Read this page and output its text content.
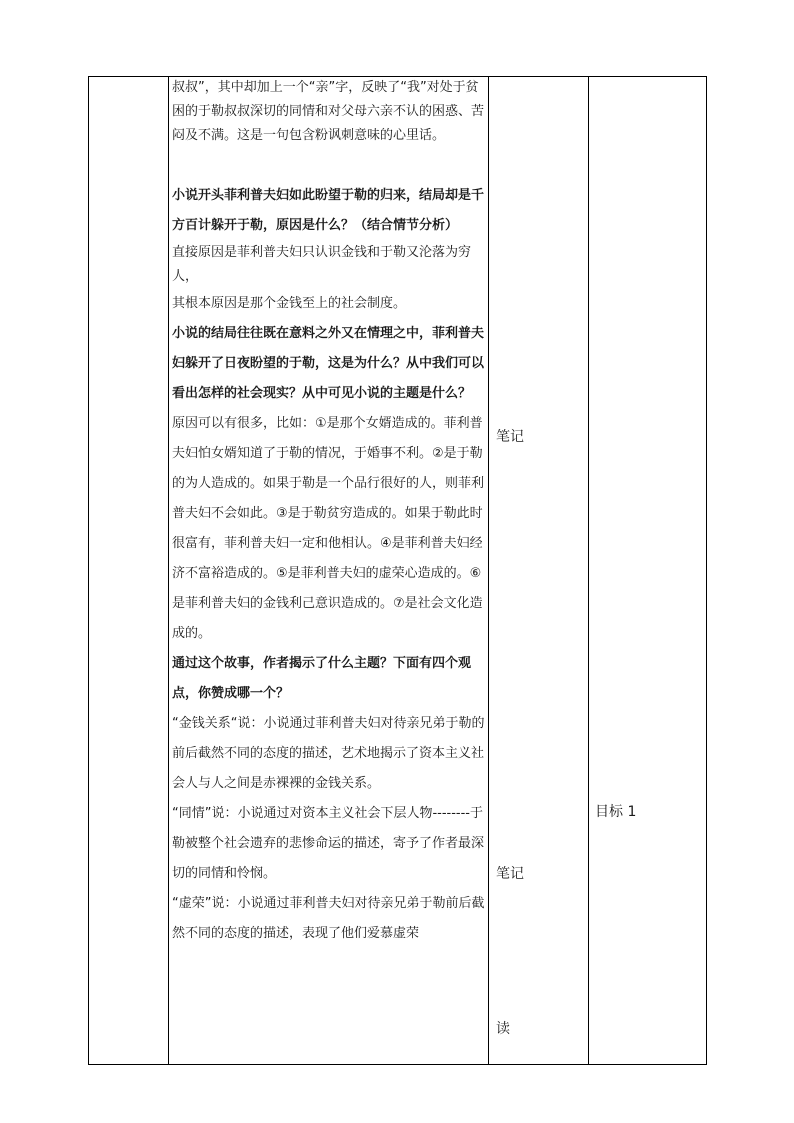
叔叔”，其中却加上一个“亲”字，反映了“我”对处于贫困的于勒叔叔深切的同情和对父母六亲不认的困惑、苦闷及不满。这是一句包含粉讽刺意味的心里话。

小说开头菲利普夫妇如此盼望于勒的归来，结局却是千方百计躲开于勒，原因是什么？（结合情节分析）

直接原因是菲利普夫妇只认识金钱和于勒又沦落为穷人，

其根本原因是那个金钱至上的社会制度。

小说的结局往往既在意料之外又在情理之中，菲利普夫妇躲开了日夜盼望的于勒，这是为什么？从中我们可以看出怎样的社会现实？从中可见小说的主题是什么？

原因可以有很多，比如：①是那个女婿造成的。菲利普夫妇怕女婿知道了于勒的情况，于婚事不利。②是于勒的为人造成的。如果于勒是一个品行很好的人，则菲利普夫妇不会如此。③是于勒贫穷造成的。如果于勒此时很富有，菲利普夫妇一定和他相认。④是菲利普夫妇经济不富裕造成的。⑤是菲利普夫妇的虚荣心造成的。⑥是菲利普夫妇的金钱利己意识造成的。⑦是社会文化造成的。

通过这个故事，作者揭示了什么主题？下面有四个观点，你赞成哪一个？

“金钱关系“说：小说通过菲利普夫妇对待亲兄弟于勒的前后截然不同的态度的描述，艺术地揭示了资本主义社会人与人之间是赤裸裸的金钱关系。

“同情”说：小说通过对资本主义社会下层人物--------于勒被整个社会遗弃的悲惨命运的描述，寄予了作者最深切的同情和怜悯。

“虚荣”说：小说通过菲利普夫妇对待亲兄弟于勒前后截然不同的态度的描述，表现了他们爱慕虚荣

笔记
笔记
读
目标 1
